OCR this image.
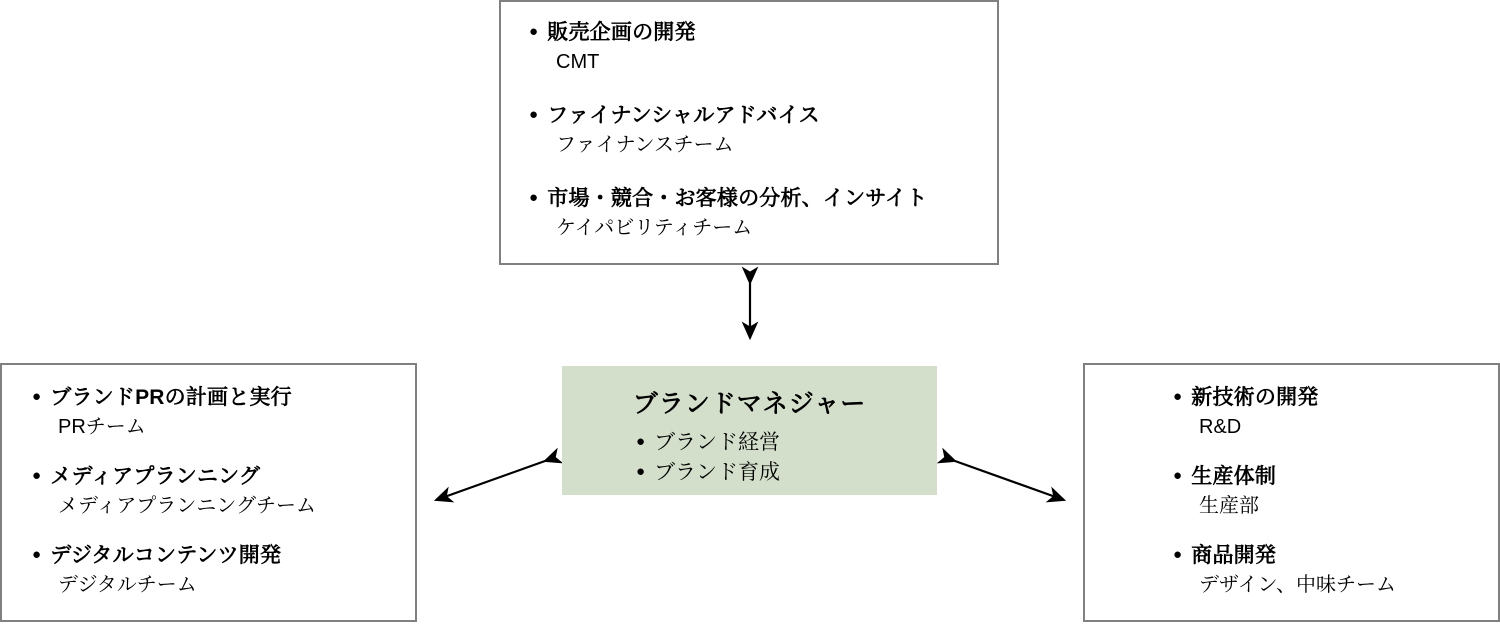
● 販売企画の開発
CMT
● ファイナンシャルアドバイス
ファイナンスチーム
● 市場・競合・お客様の分析、インサイト
ケイパビリティチーム
● ブランドPRの計画と実行
PRチーム
● メディアプランニング
メディアプランニングチーム
● デジタルコンテンツ開発
デジタルチーム
● 新技術の開発
R&D
● 生産体制
生産部
● 商品開発
デザイン、中味チーム
ブランドマネジャー
● ブランド経営
● ブランド育成
